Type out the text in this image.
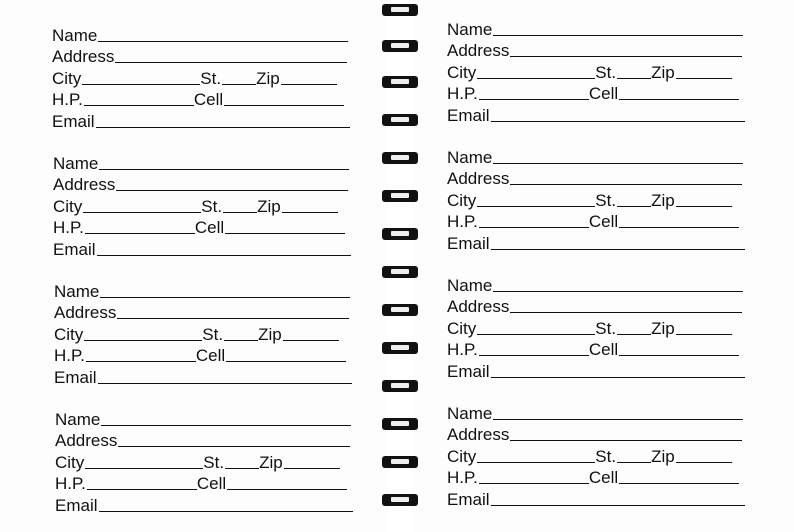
Name
Address
City	St. Zip
H.P.	Cell
Email
Name
Address
City	St. Zip
H.P.	Cell
Email
Name
Address
City	St. Zip
H.P.	Cell
Email
Name
Address
City	St. Zip
H.P.	Cell
Email
Name
Address
City	St. Zip
H.P.	Cell
Email
Name
Address
City	St. Zip
H.P.	Cell
Email
Name
Address
City	St. Zip
H.P.	Cell
Email
Name
Address
City	St. Zip
H.P.	Cell
Email
